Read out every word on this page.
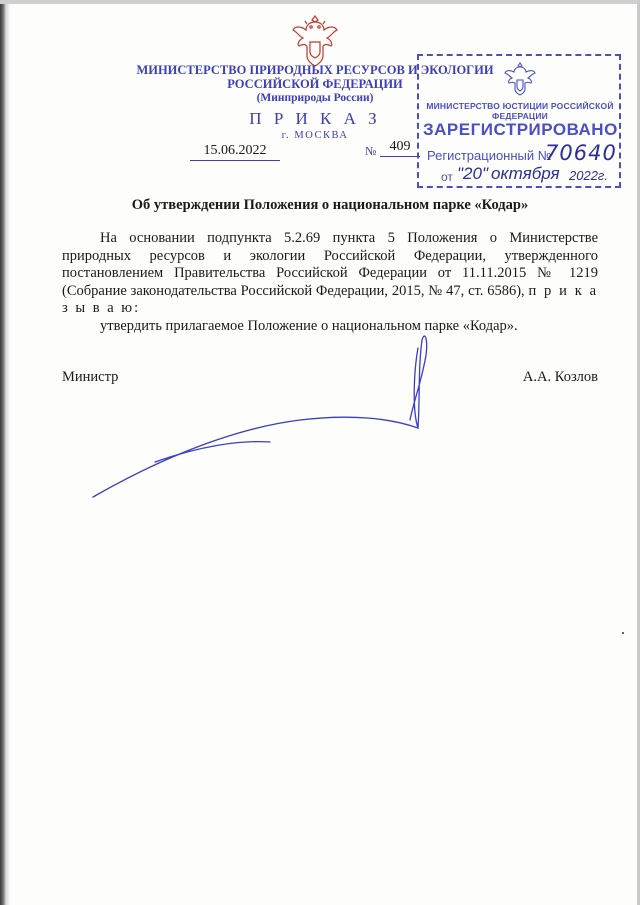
МИНИСТЕРСТВО ПРИРОДНЫХ РЕСУРСОВ И ЭКОЛОГИИ
РОССИЙСКОЙ ФЕДЕРАЦИИ
(Минприроды России)
П Р И К А З
г. МОСКВА
15.06.2022	№ 409
МИНИСТЕРСТВО ЮСТИЦИИ РОССИЙСКОЙ ФЕДЕРАЦИИ
ЗАРЕГИСТРИРОВАНО
Регистрационный №
70640
от "20" октября 2022г.
Об утверждении Положения о национальном парке «Кодар»

На основании подпункта 5.2.69 пункта 5 Положения о Министерстве природных ресурсов и экологии Российской Федерации, утвержденного постановлением Правительства Российской Федерации от 11.11.2015 № 1219 (Собрание законодательства Российской Федерации, 2015, № 47, ст. 6586), п р и к а з ы в а ю:

утвердить прилагаемое Положение о национальном парке «Кодар».

Министр	А.А. Козлов
